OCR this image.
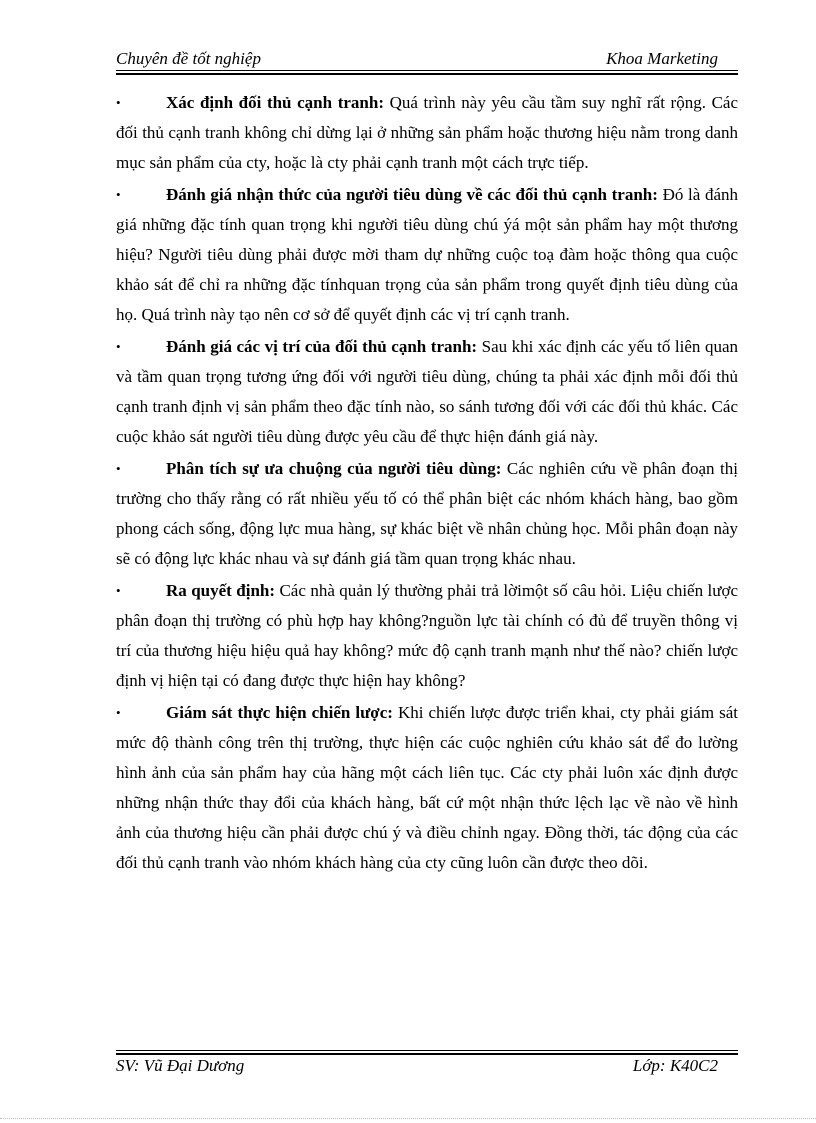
Chuyên đề tốt nghiệp	Khoa Marketing

•Xác định đối thủ cạnh tranh: Quá trình này yêu cầu tầm suy nghĩ rất rộng. Các đối thủ cạnh tranh không chỉ dừng lại ở những sản phẩm hoặc thương hiệu nằm trong danh mục sản phẩm của cty, hoặc là cty phải cạnh tranh một cách trực tiếp.

•Đánh giá nhận thức của người tiêu dùng về các đối thủ cạnh tranh: Đó là đánh giá những đặc tính quan trọng khi người tiêu dùng chú ýá một sản phẩm hay một thương hiệu? Người tiêu dùng phải được mời tham dự những cuộc toạ đàm hoặc thông qua cuộc khảo sát để chỉ ra những đặc tínhquan trọng của sản phẩm trong quyết định tiêu dùng của họ. Quá trình này tạo nên cơ sở để quyết định các vị trí cạnh tranh.

•Đánh giá các vị trí của đối thủ cạnh tranh: Sau khi xác định các yếu tố liên quan và tầm quan trọng tương ứng đối với người tiêu dùng, chúng ta phải xác định mỗi đối thủ cạnh tranh định vị sản phẩm theo đặc tính nào, so sánh tương đối với các đối thủ khác. Các cuộc khảo sát người tiêu dùng được yêu cầu để thực hiện đánh giá này.

•Phân tích sự ưa chuộng của người tiêu dùng: Các nghiên cứu về phân đoạn thị trường cho thấy rằng có rất nhiều yếu tố có thể phân biệt các nhóm khách hàng, bao gồm phong cách sống, động lực mua hàng, sự khác biệt về nhân chủng học. Mỗi phân đoạn này sẽ có động lực khác nhau và sự đánh giá tầm quan trọng khác nhau.

•Ra quyết định: Các nhà quản lý thường phải trả lờimột số câu hỏi. Liệu chiến lược phân đoạn thị trường có phù hợp hay không?nguồn lực tài chính có đủ để truyền thông vị trí của thương hiệu hiệu quả hay không? mức độ cạnh tranh mạnh như thế nào? chiến lược định vị hiện tại có đang được thực hiện hay không?

•Giám sát thực hiện chiến lược: Khi chiến lược được triển khai, cty phải giám sát mức độ thành công trên thị trường, thực hiện các cuộc nghiên cứu khảo sát để đo lường hình ảnh của sản phẩm hay của hãng một cách liên tục. Các cty phải luôn xác định được những nhận thức thay đổi của khách hàng, bất cứ một nhận thức lệch lạc về nào về hình ảnh của thương hiệu cần phải được chú ý và điều chỉnh ngay. Đồng thời, tác động của các đối thủ cạnh tranh vào nhóm khách hàng của cty cũng luôn cần được theo dõi.

SV: Vũ Đại Dương	Lớp: K40C2
